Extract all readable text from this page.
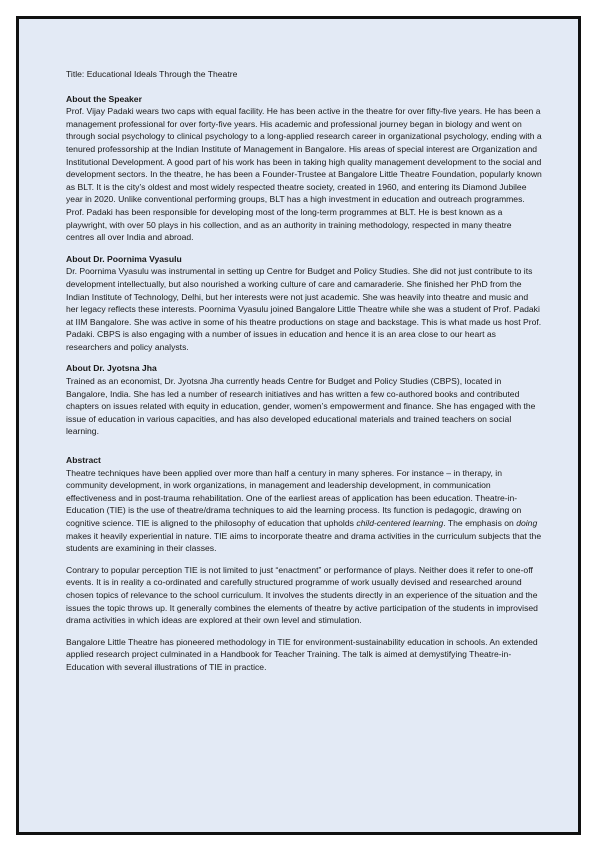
Title: Educational Ideals Through the Theatre

About the Speaker

Prof. Vijay Padaki wears two caps with equal facility. He has been active in the theatre for over fifty-five years. He has been a management professional for over forty-five years. His academic and professional journey began in biology and went on through social psychology to clinical psychology to a long-applied research career in organizational psychology, ending with a tenured professorship at the Indian Institute of Management in Bangalore. His areas of special interest are Organization and Institutional Development. A good part of his work has been in taking high quality management development to the social and development sectors. In the theatre, he has been a Founder-Trustee at Bangalore Little Theatre Foundation, popularly known as BLT. It is the city’s oldest and most widely respected theatre society, created in 1960, and entering its Diamond Jubilee year in 2020. Unlike conventional performing groups, BLT has a high investment in education and outreach programmes. Prof. Padaki has been responsible for developing most of the long-term programmes at BLT. He is best known as a playwright, with over 50 plays in his collection, and as an authority in training methodology, respected in many theatre centres all over India and abroad.

About Dr. Poornima Vyasulu

Dr. Poornima Vyasulu was instrumental in setting up Centre for Budget and Policy Studies. She did not just contribute to its development intellectually, but also nourished a working culture of care and camaraderie. She finished her PhD from the Indian Institute of Technology, Delhi, but her interests were not just academic. She was heavily into theatre and music and her legacy reflects these interests. Poornima Vyasulu joined Bangalore Little Theatre while she was a student of Prof. Padaki at IIM Bangalore. She was active in some of his theatre productions on stage and backstage. This is what made us host Prof. Padaki. CBPS is also engaging with a number of issues in education and hence it is an area close to our heart as researchers and policy analysts.

About Dr. Jyotsna Jha

Trained as an economist, Dr. Jyotsna Jha currently heads Centre for Budget and Policy Studies (CBPS), located in Bangalore, India. She has led a number of research initiatives and has written a few co-authored books and contributed chapters on issues related with equity in education, gender, women’s empowerment and finance. She has engaged with the issue of education in various capacities, and has also developed educational materials and trained teachers on social learning.

Abstract

Theatre techniques have been applied over more than half a century in many spheres. For instance – in therapy, in community development, in work organizations, in management and leadership development, in communication effectiveness and in post-trauma rehabilitation. One of the earliest areas of application has been education. Theatre-in-Education (TIE) is the use of theatre/drama techniques to aid the learning process. Its function is pedagogic, drawing on cognitive science. TIE is aligned to the philosophy of education that upholds child-centered learning. The emphasis on doing makes it heavily experiential in nature. TIE aims to incorporate theatre and drama activities in the curriculum subjects that the students are examining in their classes.

Contrary to popular perception TIE is not limited to just “enactment” or performance of plays. Neither does it refer to one-off events. It is in reality a co-ordinated and carefully structured programme of work usually devised and researched around chosen topics of relevance to the school curriculum. It involves the students directly in an experience of the situation and the issues the topic throws up. It generally combines the elements of theatre by active participation of the students in improvised drama activities in which ideas are explored at their own level and stimulation.

Bangalore Little Theatre has pioneered methodology in TIE for environment-sustainability education in schools. An extended applied research project culminated in a Handbook for Teacher Training. The talk is aimed at demystifying Theatre-in-Education with several illustrations of TIE in practice.
